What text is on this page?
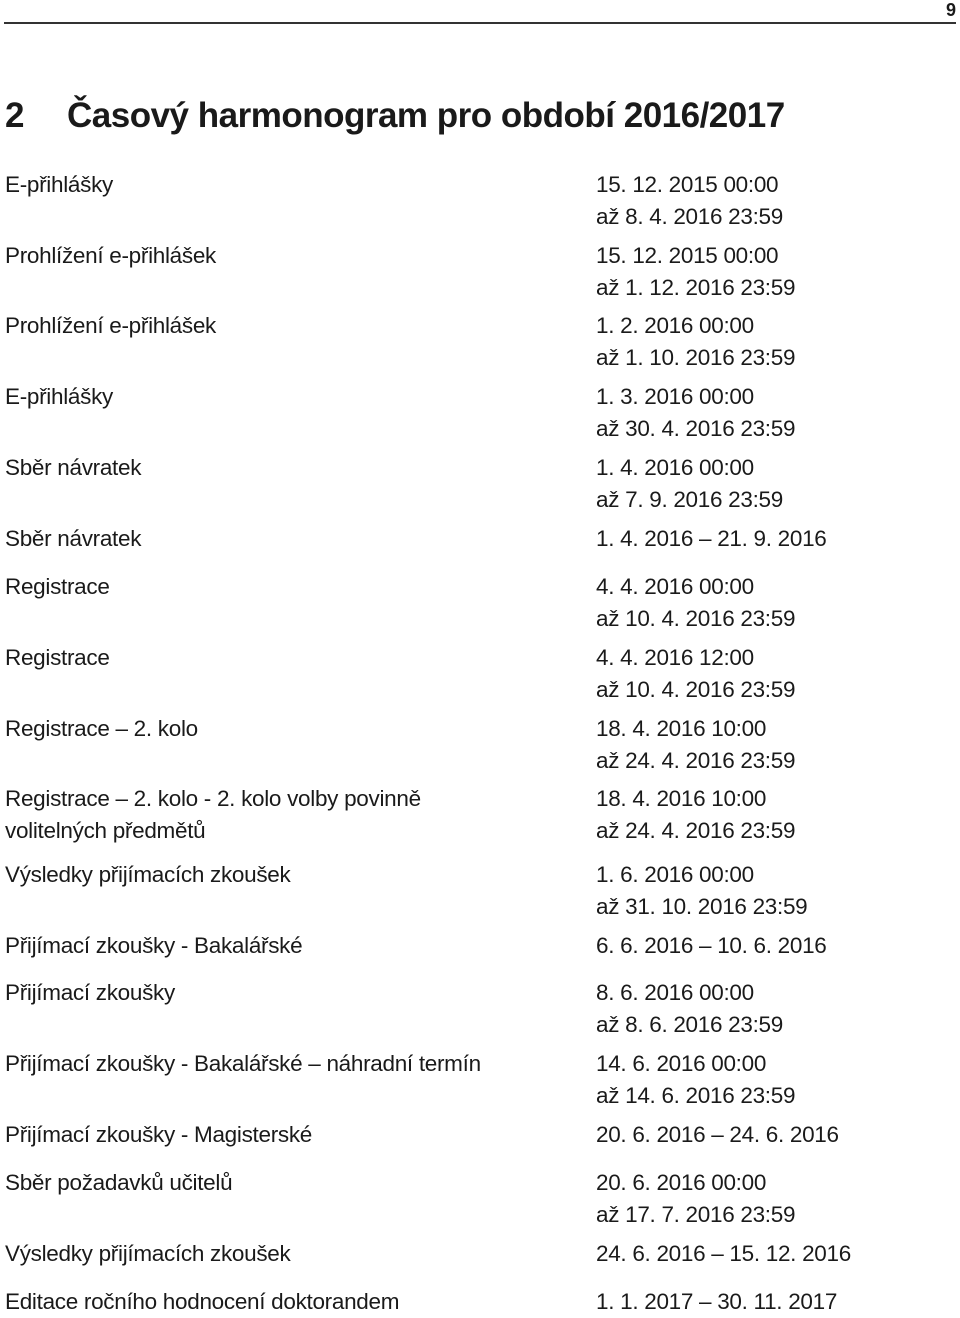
9
2 Časový harmonogram pro období 2016/2017
E-přihlášky	15. 12. 2015 00:00
až 8. 4. 2016 23:59
Prohlížení e-přihlášek	15. 12. 2015 00:00
až 1. 12. 2016 23:59
Prohlížení e-přihlášek	1. 2. 2016 00:00
až 1. 10. 2016 23:59
E-přihlášky	1. 3. 2016 00:00
až 30. 4. 2016 23:59
Sběr návratek	1. 4. 2016 00:00
až 7. 9. 2016 23:59
Sběr návratek	1. 4. 2016 – 21. 9. 2016
Registrace	4. 4. 2016 00:00
až 10. 4. 2016 23:59
Registrace	4. 4. 2016 12:00
až 10. 4. 2016 23:59
Registrace – 2. kolo	18. 4. 2016 10:00
až 24. 4. 2016 23:59
Registrace – 2. kolo - 2. kolo volby povinně volitelných předmětů
18. 4. 2016 10:00
až 24. 4. 2016 23:59
Výsledky přijímacích zkoušek	1. 6. 2016 00:00
až 31. 10. 2016 23:59
Přijímací zkoušky - Bakalářské	6. 6. 2016 – 10. 6. 2016
Přijímací zkoušky	8. 6. 2016 00:00
až 8. 6. 2016 23:59
Přijímací zkoušky - Bakalářské – náhradní termín	14. 6. 2016 00:00
až 14. 6. 2016 23:59
Přijímací zkoušky - Magisterské	20. 6. 2016 – 24. 6. 2016
Sběr požadavků učitelů	20. 6. 2016 00:00
až 17. 7. 2016 23:59
Výsledky přijímacích zkoušek	24. 6. 2016 – 15. 12. 2016
Editace ročního hodnocení doktorandem	1. 1. 2017 – 30. 11. 2017
